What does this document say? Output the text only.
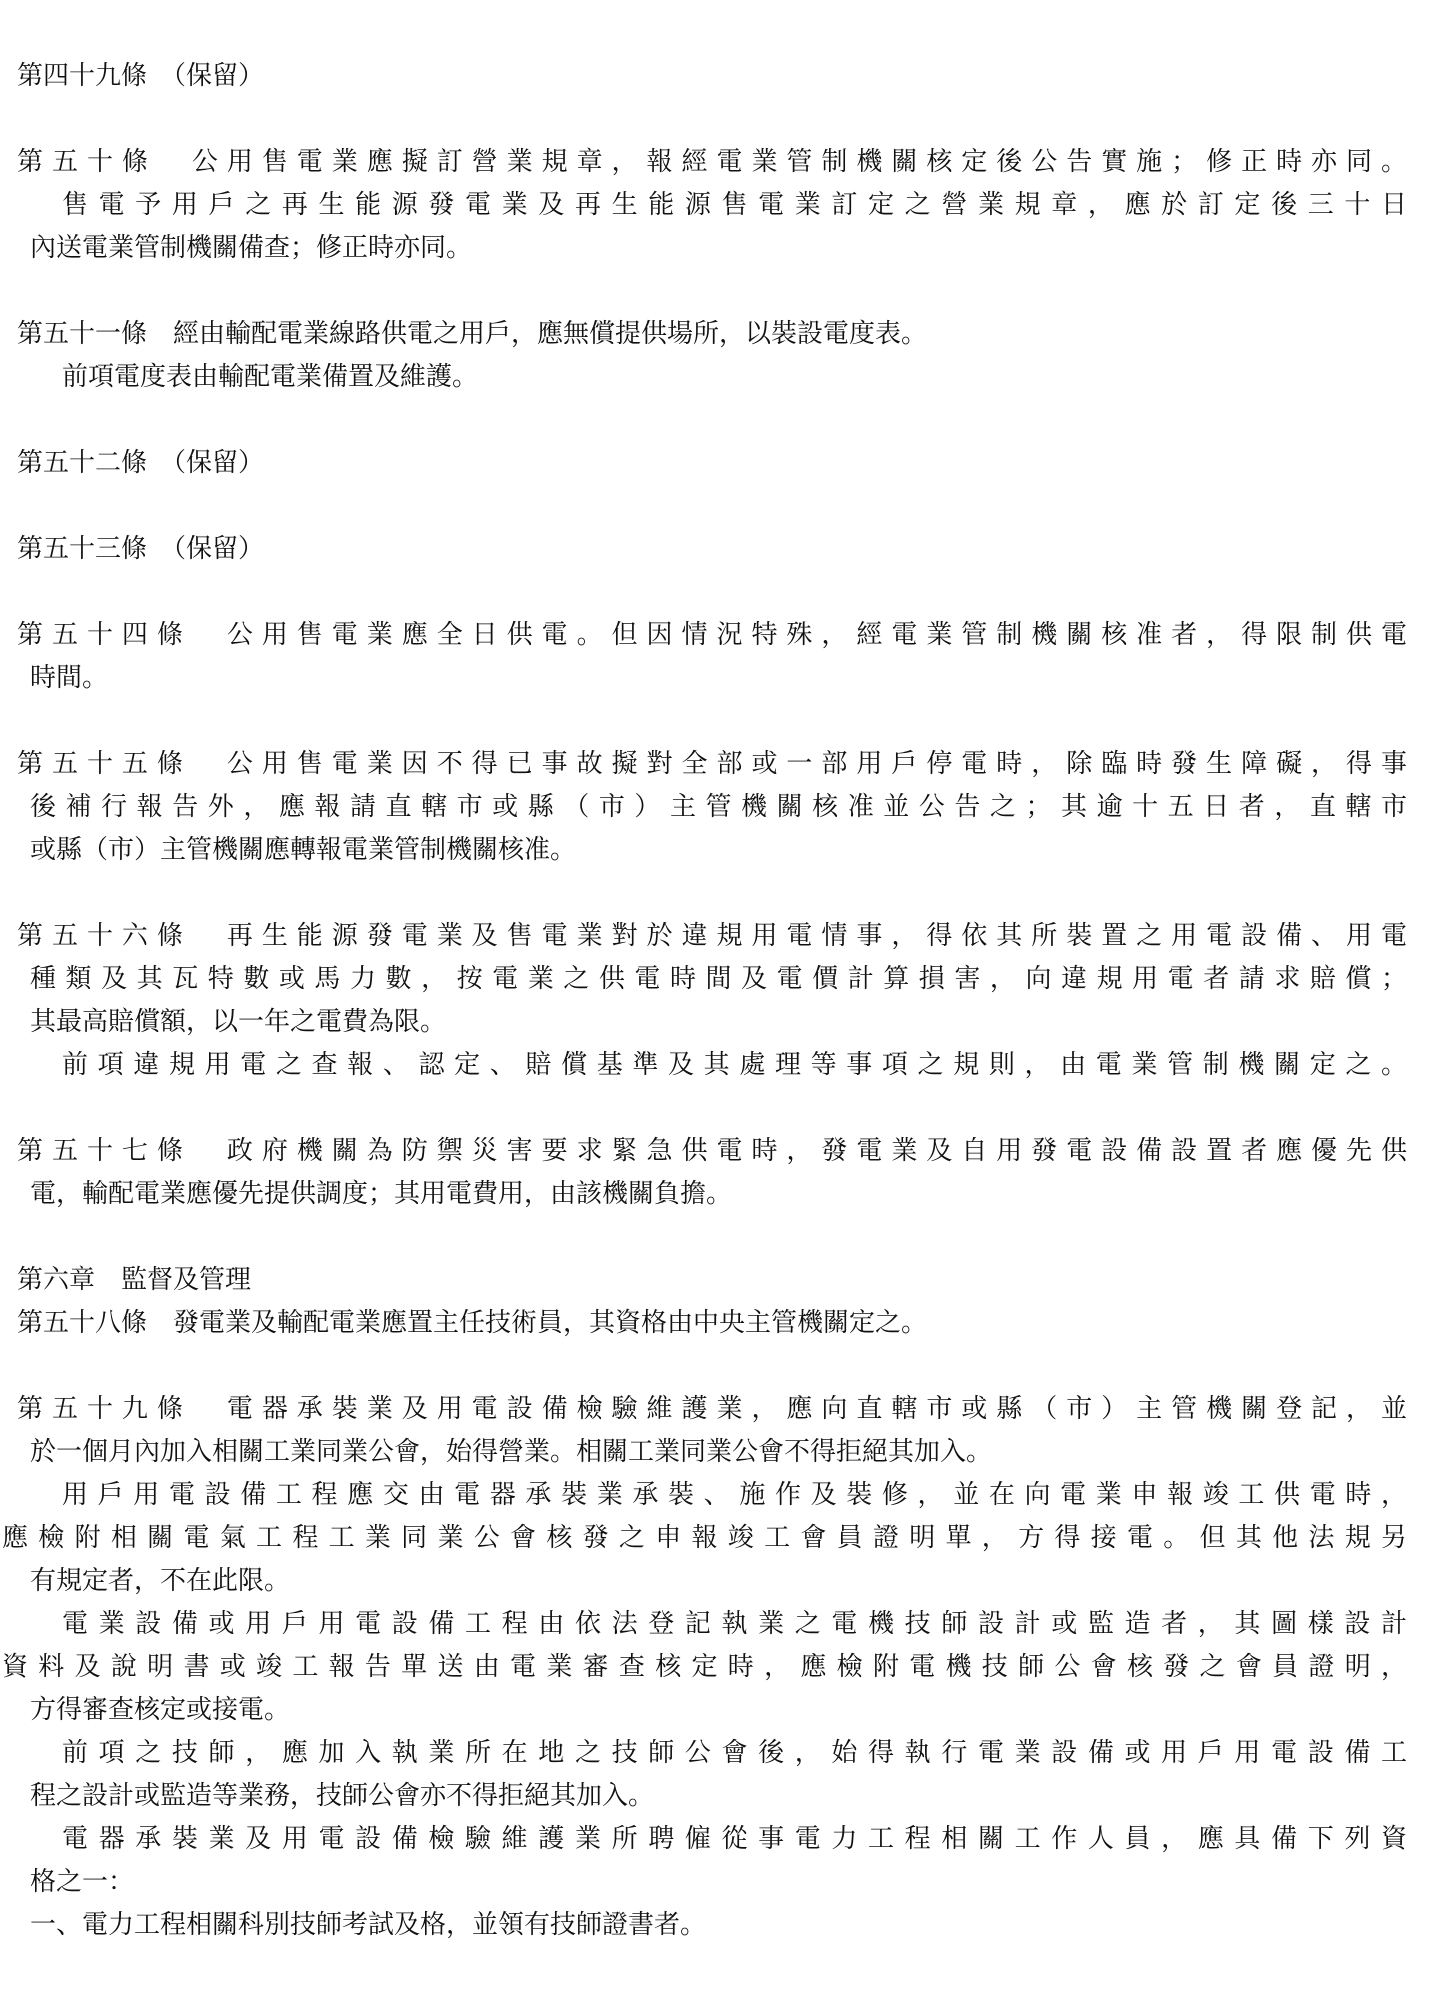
第四十九條　（保留）
第五十條　公用售電業應擬訂營業規章，報經電業管制機關核定後公告實施；修正時亦同。
售電予用戶之再生能源發電業及再生能源售電業訂定之營業規章，應於訂定後三十日
內送電業管制機關備查；修正時亦同。
第五十一條　經由輸配電業線路供電之用戶，應無償提供場所，以裝設電度表。
前項電度表由輸配電業備置及維護。
第五十二條　（保留）
第五十三條　（保留）
第五十四條　公用售電業應全日供電。但因情況特殊，經電業管制機關核准者，得限制供電
時間。
第五十五條　公用售電業因不得已事故擬對全部或一部用戶停電時，除臨時發生障礙，得事
後補行報告外，應報請直轄市或縣（市）主管機關核准並公告之；其逾十五日者，直轄市
或縣（市）主管機關應轉報電業管制機關核准。
第五十六條　再生能源發電業及售電業對於違規用電情事，得依其所裝置之用電設備、用電
種類及其瓦特數或馬力數，按電業之供電時間及電價計算損害，向違規用電者請求賠償；
其最高賠償額，以一年之電費為限。
前項違規用電之查報、認定、賠償基準及其處理等事項之規則，由電業管制機關定之。
第五十七條　政府機關為防禦災害要求緊急供電時，發電業及自用發電設備設置者應優先供
電，輸配電業應優先提供調度；其用電費用，由該機關負擔。
第六章　監督及管理
第五十八條　發電業及輸配電業應置主任技術員，其資格由中央主管機關定之。
第五十九條　電器承裝業及用電設備檢驗維護業，應向直轄市或縣（市）主管機關登記，並
於一個月內加入相關工業同業公會，始得營業。相關工業同業公會不得拒絕其加入。
用戶用電設備工程應交由電器承裝業承裝、施作及裝修，並在向電業申報竣工供電時，
應檢附相關電氣工程工業同業公會核發之申報竣工會員證明單，方得接電。但其他法規另
有規定者，不在此限。
電業設備或用戶用電設備工程由依法登記執業之電機技師設計或監造者，其圖樣設計
資料及說明書或竣工報告單送由電業審查核定時，應檢附電機技師公會核發之會員證明，
方得審查核定或接電。
前項之技師，應加入執業所在地之技師公會後，始得執行電業設備或用戶用電設備工
程之設計或監造等業務，技師公會亦不得拒絕其加入。
電器承裝業及用電設備檢驗維護業所聘僱從事電力工程相關工作人員，應具備下列資
格之一：
一、電力工程相關科別技師考試及格，並領有技師證書者。
